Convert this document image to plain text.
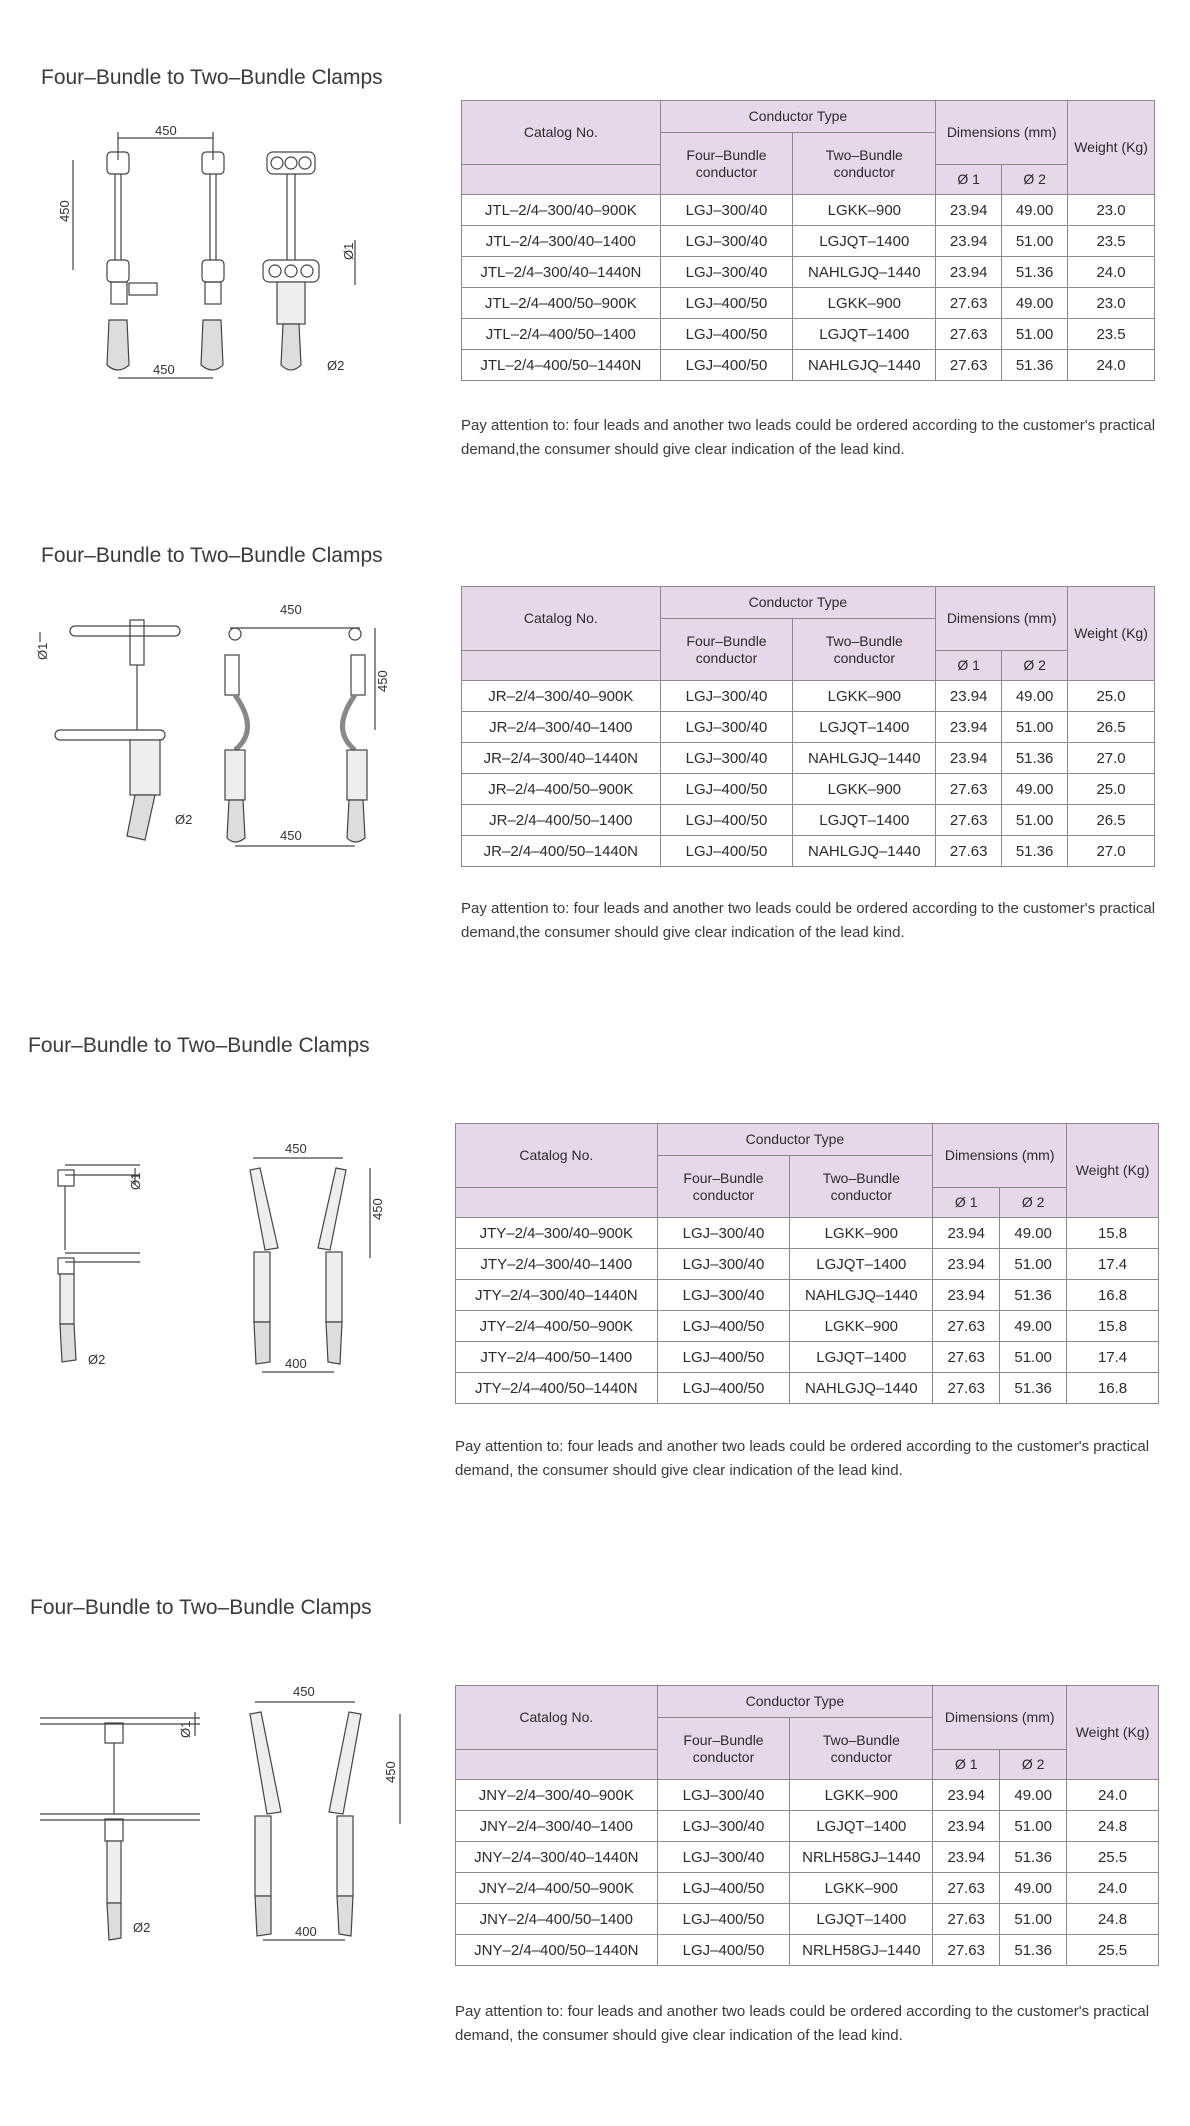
Four–Bundle to Two–Bundle Clamps
450
450
450
Ø1
Ø2
Catalog No.	Conductor Type		Dimensions (mm)		Weight (Kg)
	Four–Bundle conductor	Two–Bundle conductor			
			Ø 1	Ø 2	
JTL–2/4–300/40–900K	LGJ–300/40	LGKK–900	23.94	49.00	23.0
JTL–2/4–300/40–1400	LGJ–300/40	LGJQT–1400	23.94	51.00	23.5
JTL–2/4–300/40–1440N	LGJ–300/40	NAHLGJQ–1440	23.94	51.36	24.0
JTL–2/4–400/50–900K	LGJ–400/50	LGKK–900	27.63	49.00	23.0
JTL–2/4–400/50–1400	LGJ–400/50	LGJQT–1400	27.63	51.00	23.5
JTL–2/4–400/50–1440N	LGJ–400/50	NAHLGJQ–1440	27.63	51.36	24.0
Pay attention to: four leads and another two leads could be ordered according to the customer's practical demand,the consumer should give clear indication of the lead kind.
Four–Bundle to Two–Bundle Clamps
Ø1
Ø2
450
450
450
Catalog No.	Conductor Type		Dimensions (mm)		Weight (Kg)
	Four–Bundle conductor	Two–Bundle conductor			
			Ø 1	Ø 2	
JR–2/4–300/40–900K	LGJ–300/40	LGKK–900	23.94	49.00	25.0
JR–2/4–300/40–1400	LGJ–300/40	LGJQT–1400	23.94	51.00	26.5
JR–2/4–300/40–1440N	LGJ–300/40	NAHLGJQ–1440	23.94	51.36	27.0
JR–2/4–400/50–900K	LGJ–400/50	LGKK–900	27.63	49.00	25.0
JR–2/4–400/50–1400	LGJ–400/50	LGJQT–1400	27.63	51.00	26.5
JR–2/4–400/50–1440N	LGJ–400/50	NAHLGJQ–1440	27.63	51.36	27.0
Pay attention to: four leads and another two leads could be ordered according to the customer's practical demand,the consumer should give clear indication of the lead kind.
Four–Bundle to Two–Bundle Clamps
Ø1
Ø2
450
450
400
Catalog No.	Conductor Type		Dimensions (mm)		Weight (Kg)
	Four–Bundle conductor	Two–Bundle conductor			
			Ø 1	Ø 2	
JTY–2/4–300/40–900K	LGJ–300/40	LGKK–900	23.94	49.00	15.8
JTY–2/4–300/40–1400	LGJ–300/40	LGJQT–1400	23.94	51.00	17.4
JTY–2/4–300/40–1440N	LGJ–300/40	NAHLGJQ–1440	23.94	51.36	16.8
JTY–2/4–400/50–900K	LGJ–400/50	LGKK–900	27.63	49.00	15.8
JTY–2/4–400/50–1400	LGJ–400/50	LGJQT–1400	27.63	51.00	17.4
JTY–2/4–400/50–1440N	LGJ–400/50	NAHLGJQ–1440	27.63	51.36	16.8
Pay attention to: four leads and another two leads could be ordered according to the customer's practical demand, the consumer should give clear indication of the lead kind.
Four–Bundle to Two–Bundle Clamps
Ø1
Ø2
450
450
400
Catalog No.	Conductor Type		Dimensions (mm)		Weight (Kg)
	Four–Bundle conductor	Two–Bundle conductor			
			Ø 1	Ø 2	
JNY–2/4–300/40–900K	LGJ–300/40	LGKK–900	23.94	49.00	24.0
JNY–2/4–300/40–1400	LGJ–300/40	LGJQT–1400	23.94	51.00	24.8
JNY–2/4–300/40–1440N	LGJ–300/40	NRLH58GJ–1440	23.94	51.36	25.5
JNY–2/4–400/50–900K	LGJ–400/50	LGKK–900	27.63	49.00	24.0
JNY–2/4–400/50–1400	LGJ–400/50	LGJQT–1400	27.63	51.00	24.8
JNY–2/4–400/50–1440N	LGJ–400/50	NRLH58GJ–1440	27.63	51.36	25.5
Pay attention to: four leads and another two leads could be ordered according to the customer's practical demand, the consumer should give clear indication of the lead kind.
